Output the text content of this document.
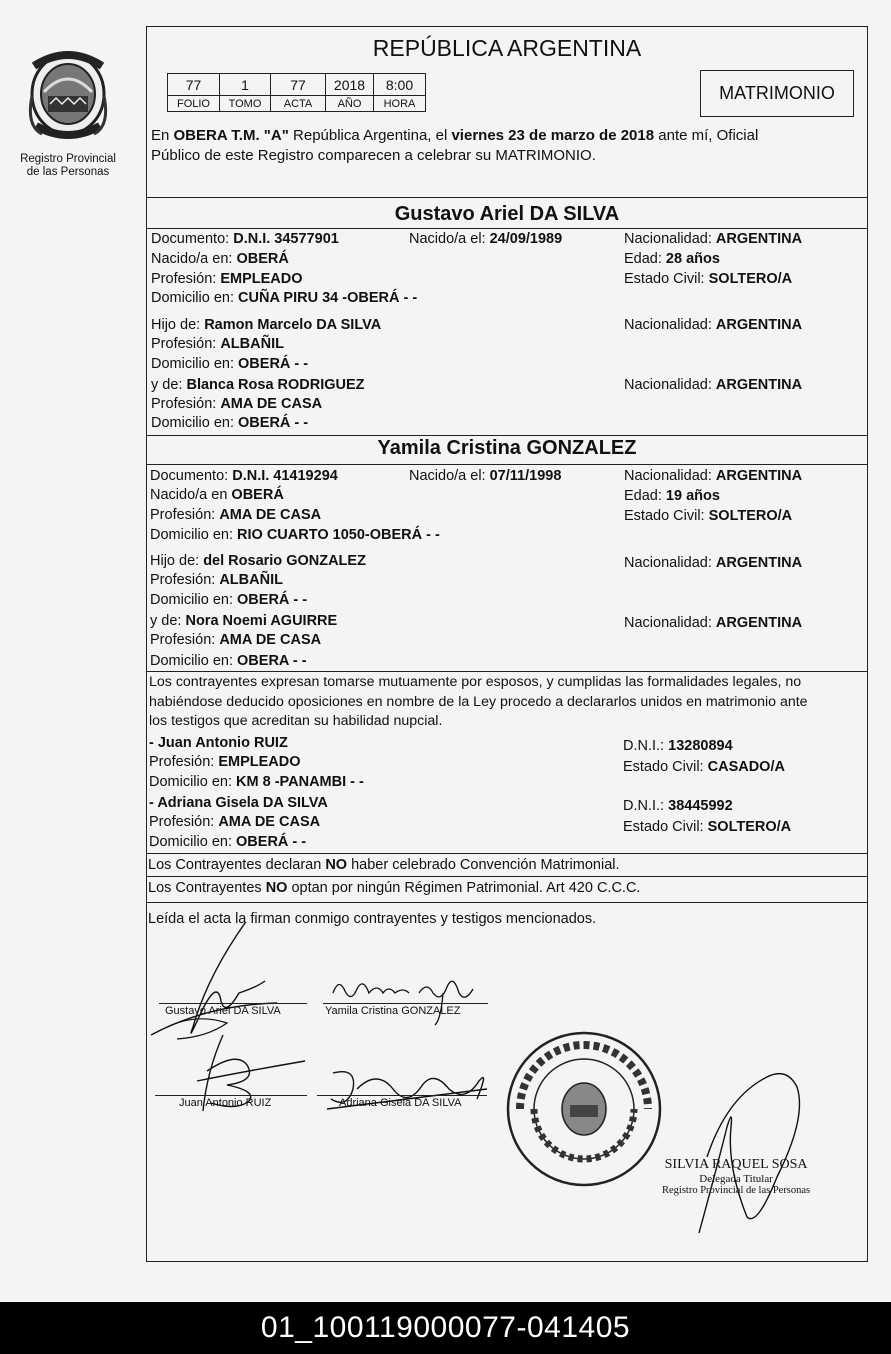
Registro Provincial de las Personas
REPÚBLICA ARGENTINA
77	1	77	2018	8:00
FOLIO	TOMO	ACTA	AÑO	HORA
MATRIMONIO
En OBERA T.M. "A" República Argentina, el viernes 23 de marzo de 2018 ante mí, Oficial
Público de este Registro comparecen a celebrar su MATRIMONIO.
Gustavo Ariel DA SILVA
Documento: D.N.I. 34577901	Nacido/a el: 24/09/1989	Nacionalidad: ARGENTINA
Nacido/a en: OBERÁ	Edad: 28 años
Profesión: EMPLEADO	Estado Civil: SOLTERO/A
Domicilio en: CUÑA PIRU 34 -OBERÁ - -
Hijo de: Ramon Marcelo DA SILVA	Nacionalidad: ARGENTINA
Profesión: ALBAÑIL
Domicilio en: OBERÁ - -
y de: Blanca Rosa RODRIGUEZ	Nacionalidad: ARGENTINA
Profesión: AMA DE CASA
Domicilio en: OBERÁ - -
Yamila Cristina GONZALEZ
Documento: D.N.I. 41419294	Nacido/a el: 07/11/1998	Nacionalidad: ARGENTINA
Nacido/a en OBERÁ	Edad: 19 años
Profesión: AMA DE CASA	Estado Civil: SOLTERO/A
Domicilio en: RIO CUARTO 1050-OBERÁ - -
Hijo de: del Rosario GONZALEZ	Nacionalidad: ARGENTINA
Profesión: ALBAÑIL
Domicilio en: OBERÁ - -
y de: Nora Noemi AGUIRRE	Nacionalidad: ARGENTINA
Profesión: AMA DE CASA
Domicilio en: OBERA - -
Los contrayentes expresan tomarse mutuamente por esposos, y cumplidas las formalidades legales, no
habiéndose deducido oposiciones en nombre de la Ley procedo a declararlos unidos en matrimonio ante
los testigos que acreditan su habilidad nupcial.
- Juan Antonio RUIZ	D.N.I.: 13280894
Profesión: EMPLEADO	Estado Civil: CASADO/A
Domicilio en: KM 8 -PANAMBI - -
- Adriana Gisela DA SILVA	D.N.I.: 38445992
Profesión: AMA DE CASA	Estado Civil: SOLTERO/A
Domicilio en: OBERÁ - -
Los Contrayentes declaran NO haber celebrado Convención Matrimonial.
Los Contrayentes NO optan por ningún Régimen Patrimonial. Art 420 C.C.C.
Leída el acta la firman conmigo contrayentes y testigos mencionados.
Gustavo Ariel DA SILVA	Yamila Cristina GONZALEZ
Juan Antonio RUIZ	Adriana Gisela DA SILVA
SILVIA RAQUEL SOSA
Delegada Titular
Registro Provincial de las Personas
01_100119000077-041405
